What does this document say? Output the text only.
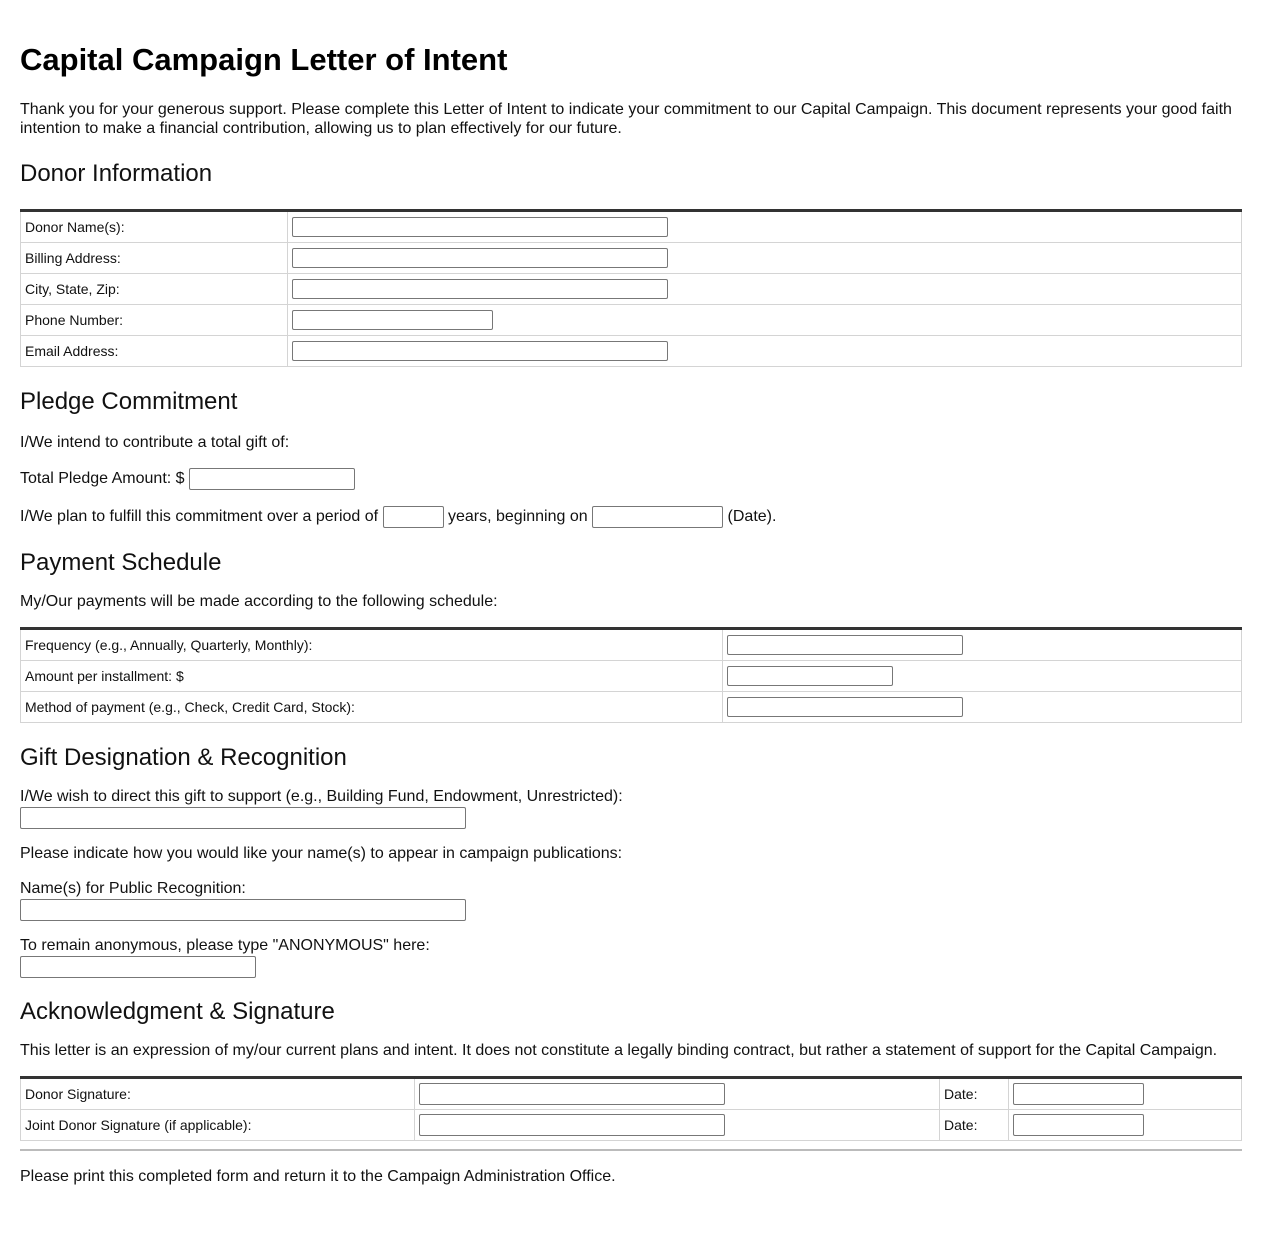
Capital Campaign Letter of Intent

Thank you for your generous support. Please complete this Letter of Intent to indicate your commitment to our Capital Campaign. This document represents your good faith intention to make a financial contribution, allowing us to plan effectively for our future.

Donor Information
Donor Name(s):	
Billing Address:	
City, State, Zip:	
Phone Number:	
Email Address:	
Pledge Commitment

I/We intend to contribute a total gift of:

Total Pledge Amount: $

I/We plan to fulfill this commitment over a period of	years, beginning on	(Date).

Payment Schedule

My/Our payments will be made according to the following schedule:

Frequency (e.g., Annually, Quarterly, Monthly):	
Amount per installment: $	
Method of payment (e.g., Check, Credit Card, Stock):	
Gift Designation & Recognition

I/We wish to direct this gift to support (e.g., Building Fund, Endowment, Unrestricted):

Please indicate how you would like your name(s) to appear in campaign publications:

Name(s) for Public Recognition:

To remain anonymous, please type "ANONYMOUS" here:

Acknowledgment & Signature

This letter is an expression of my/our current plans and intent. It does not constitute a legally binding contract, but rather a statement of support for the Capital Campaign.

Donor Signature:		Date:	
Joint Donor Signature (if applicable):		Date:	

Please print this completed form and return it to the Campaign Administration Office.
